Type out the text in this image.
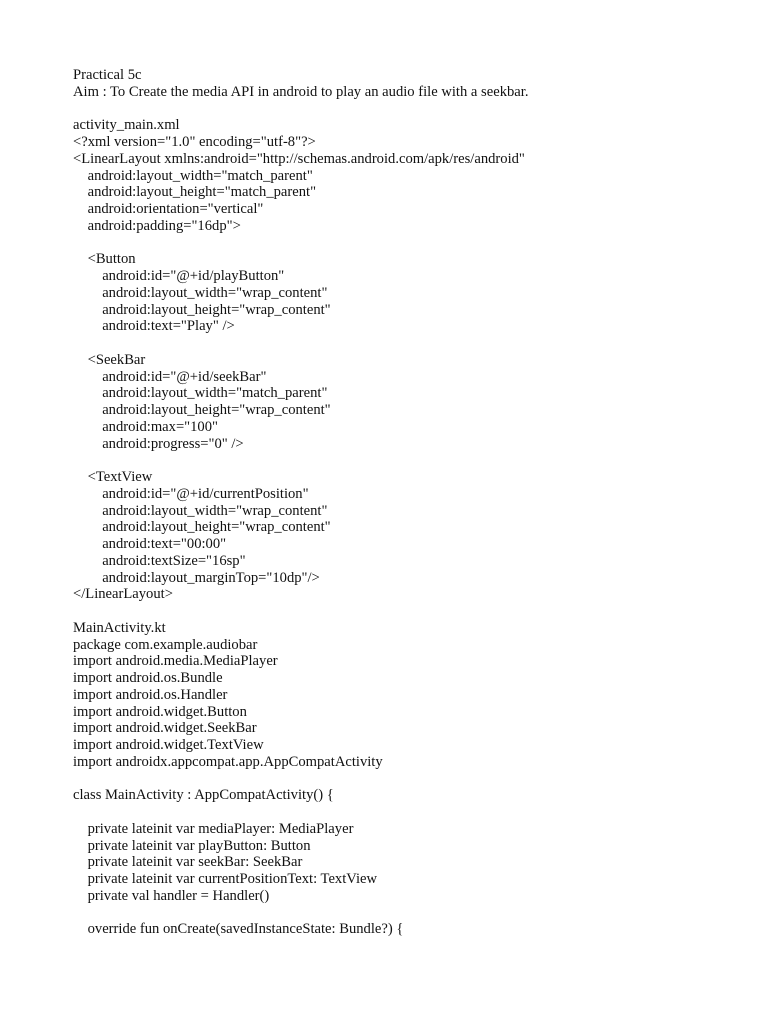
Practical 5c
Aim : To Create the media API in android to play an audio file with a seekbar.
activity_main.xml
<?xml version="1.0" encoding="utf-8"?>
<LinearLayout xmlns:android="http://schemas.android.com/apk/res/android"
android:layout_width="match_parent"
android:layout_height="match_parent"
android:orientation="vertical"
android:padding="16dp">
<Button
android:id="@+id/playButton"
android:layout_width="wrap_content"
android:layout_height="wrap_content"
android:text="Play" />
<SeekBar
android:id="@+id/seekBar"
android:layout_width="match_parent"
android:layout_height="wrap_content"
android:max="100"
android:progress="0" />
<TextView
android:id="@+id/currentPosition"
android:layout_width="wrap_content"
android:layout_height="wrap_content"
android:text="00:00"
android:textSize="16sp"
android:layout_marginTop="10dp"/>
</LinearLayout>
MainActivity.kt
package com.example.audiobar
import android.media.MediaPlayer
import android.os.Bundle
import android.os.Handler
import android.widget.Button
import android.widget.SeekBar
import android.widget.TextView
import androidx.appcompat.app.AppCompatActivity
class MainActivity : AppCompatActivity() {
private lateinit var mediaPlayer: MediaPlayer
private lateinit var playButton: Button
private lateinit var seekBar: SeekBar
private lateinit var currentPositionText: TextView
private val handler = Handler()
override fun onCreate(savedInstanceState: Bundle?) {
